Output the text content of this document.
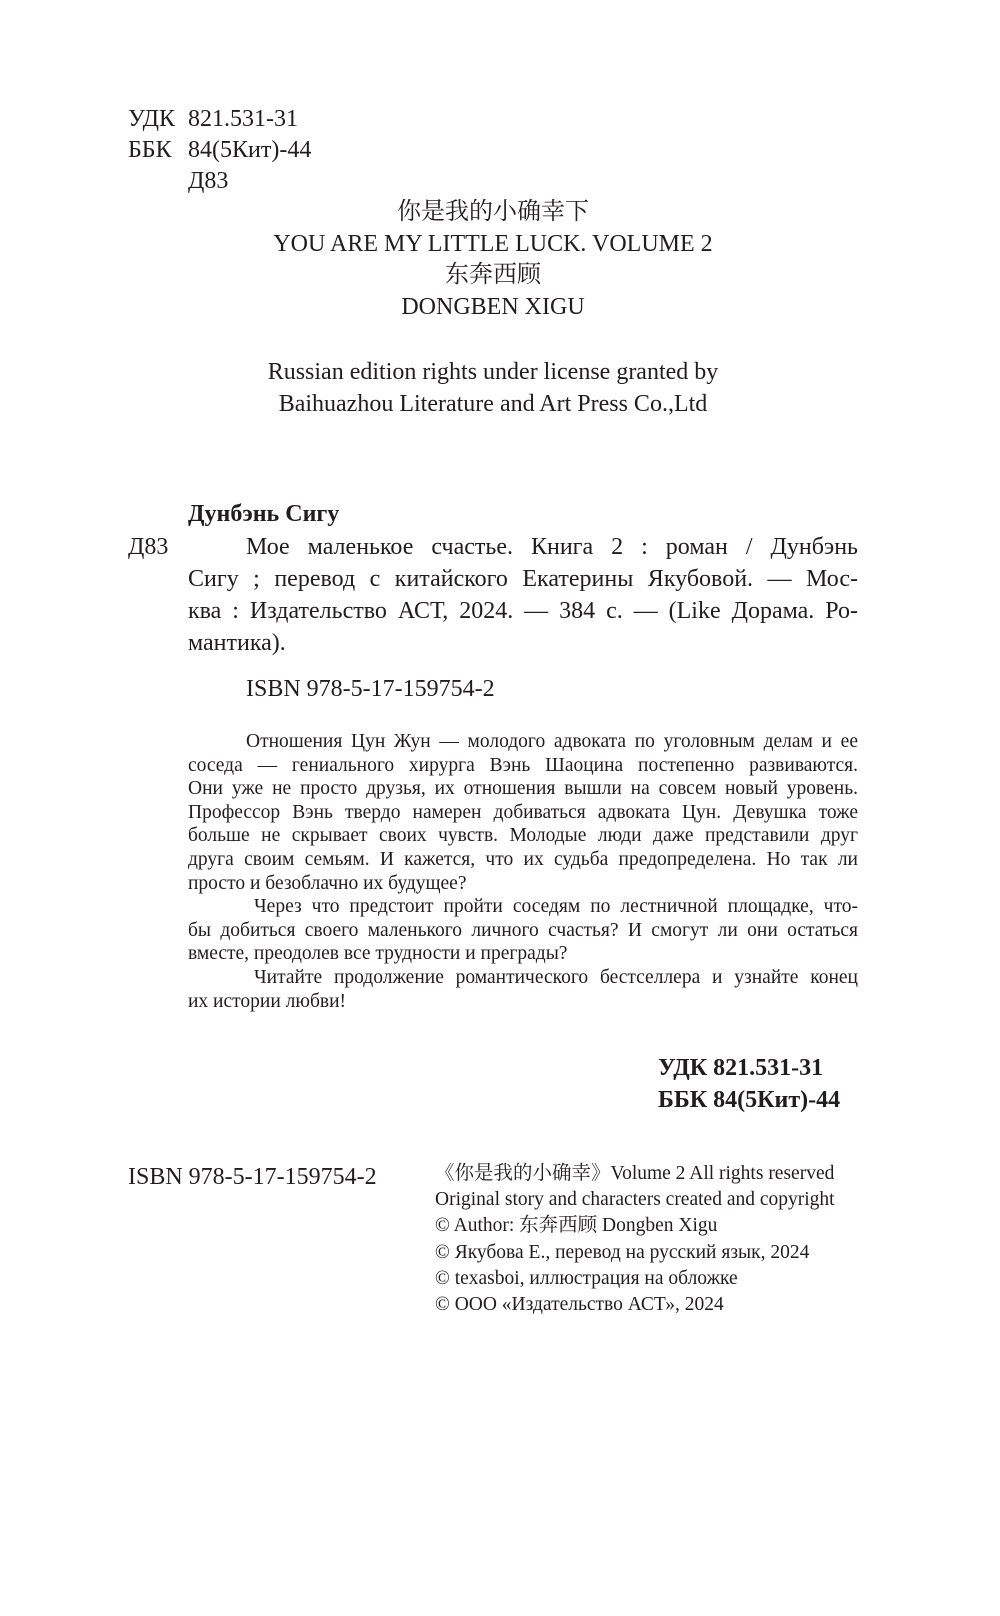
УДК 821.531-31
ББК 84(5Кит)-44
Д83
你是我的小确幸下
YOU ARE MY LITTLE LUCK. VOLUME 2
东奔西顾
DONGBEN XIGU
Russian edition rights under license granted by
Baihuazhou Literature and Art Press Co.,Ltd
Дунбэнь Сигу
Д83	Мое маленькое счастье. Книга 2 : роман / Дунбэнь
Сигу ; перевод с китайского Екатерины Якубовой. — Мос-
ква : Издательство АСТ, 2024. — 384 с. — (Like Дорама. Ро-
мантика).
ISBN 978-5-17-159754-2
Отношения Цун Жун — молодого адвоката по уголовным делам и ее
соседа — гениального хирурга Вэнь Шаоцина постепенно развиваются.
Они уже не просто друзья, их отношения вышли на совсем новый уровень.
Профессор Вэнь твердо намерен добиваться адвоката Цун. Девушка тоже
больше не скрывает своих чувств. Молодые люди даже представили друг
друга своим семьям. И кажется, что их судьба предопределена. Но так ли
просто и безоблачно их будущее?
Через что предстоит пройти соседям по лестничной площадке, что-
бы добиться своего маленького личного счастья? И смогут ли они остаться
вместе, преодолев все трудности и преграды?
Читайте продолжение романтического бестселлера и узнайте конец
их истории любви!
УДК 821.531-31
ББК 84(5Кит)-44
ISBN 978-5-17-159754-2	《你是我的小确幸》Volume 2 All rights reserved
Original story and characters created and copyright
© Author: 东奔西顾 Dongben Xigu
© Якубова Е., перевод на русский язык, 2024
© texasboi, иллюстрация на обложке
© ООО «Издательство АСТ», 2024
